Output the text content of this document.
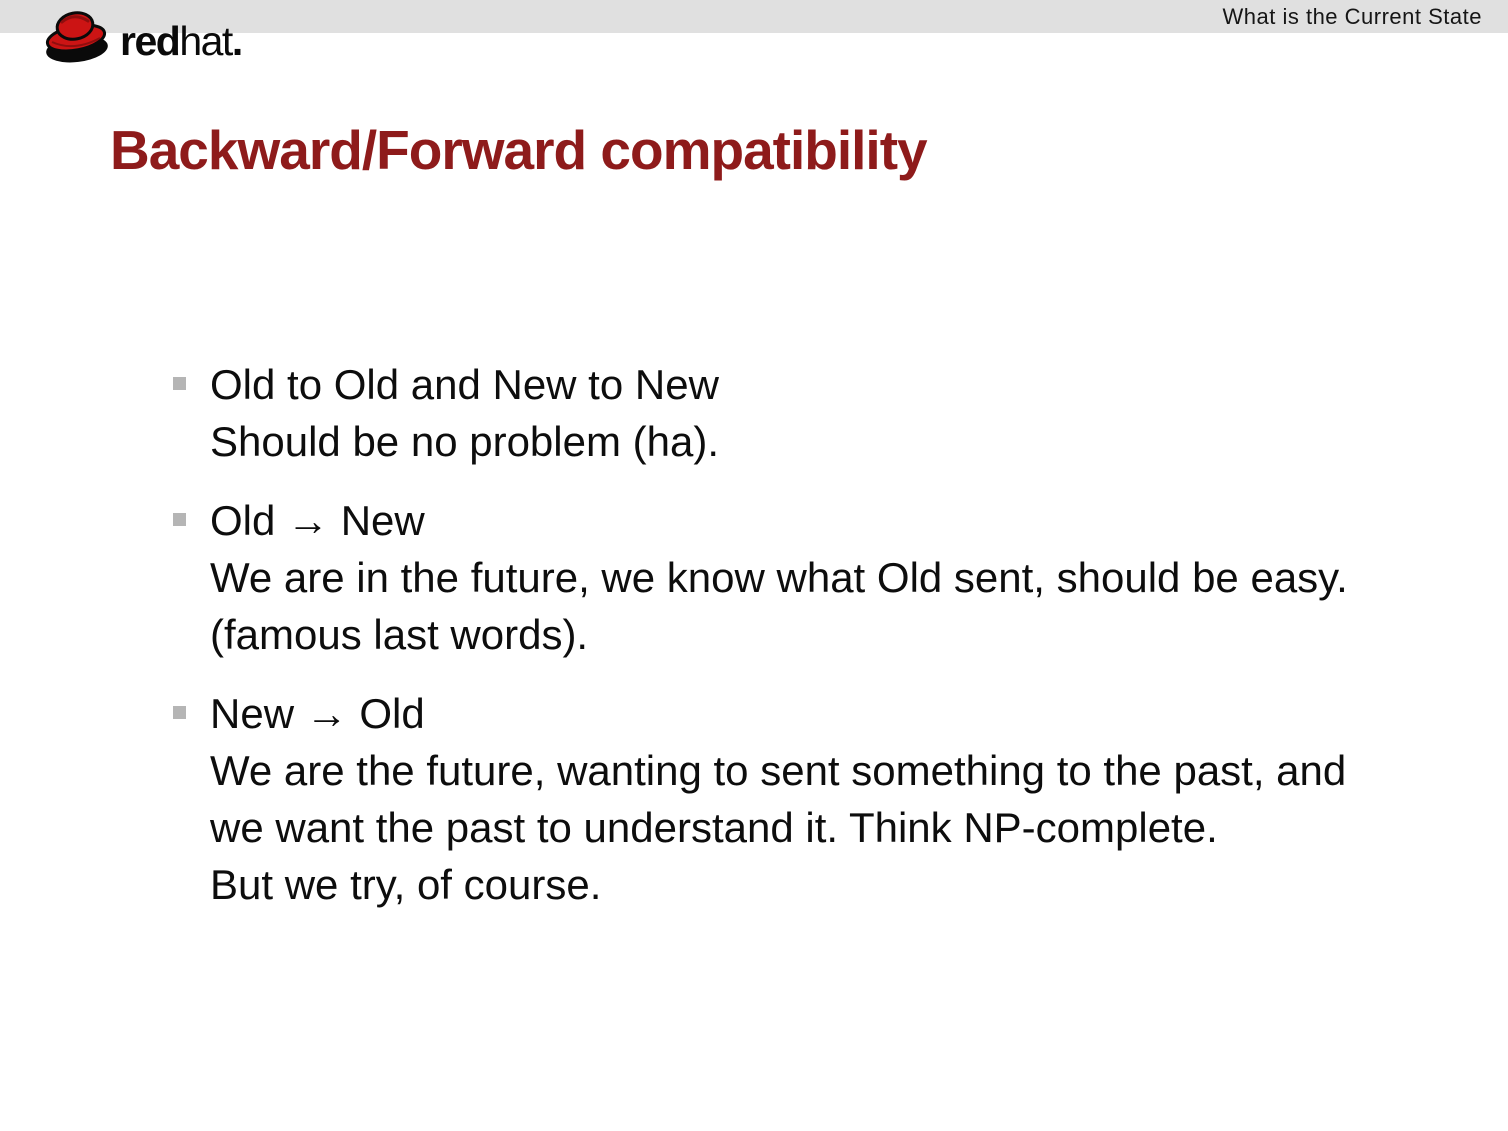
What is the Current State
redhat.
Backward/Forward compatibility
Old to Old and New to New
Should be no problem (ha).
Old → New
We are in the future, we know what Old sent, should be easy.
(famous last words).
New → Old
We are the future, wanting to sent something to the past, and
we want the past to understand it. Think NP-complete.
But we try, of course.
